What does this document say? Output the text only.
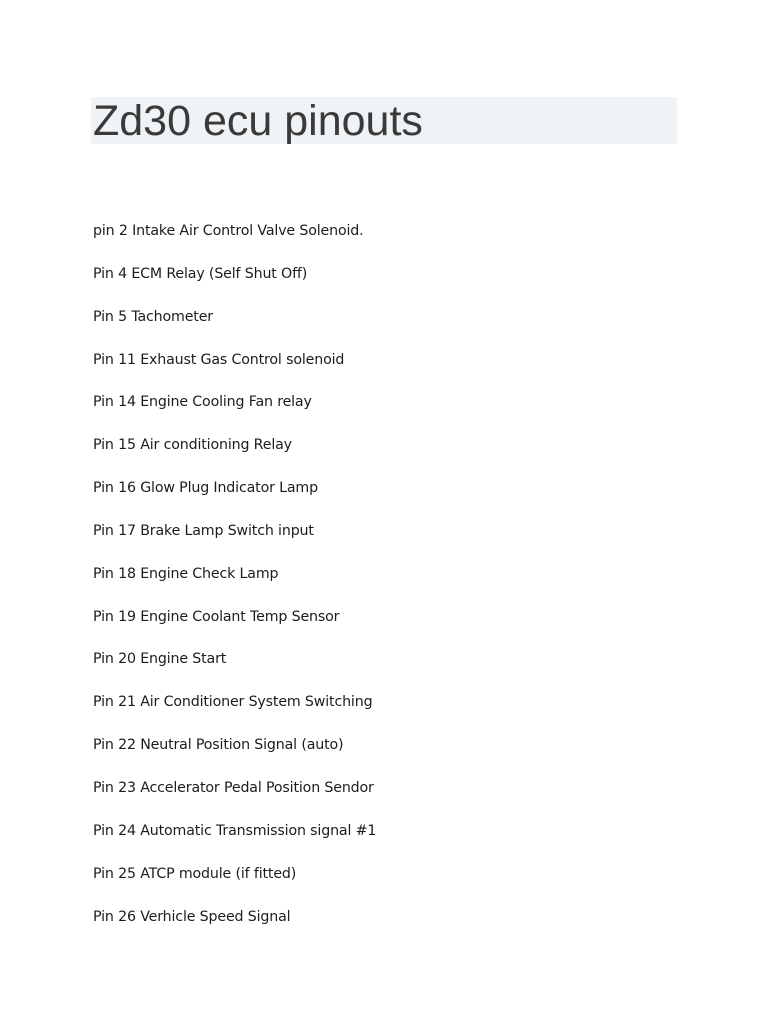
Zd30 ecu pinouts
pin 2 Intake Air Control Valve Solenoid.
Pin 4 ECM Relay (Self Shut Off)
Pin 5 Tachometer
Pin 11 Exhaust Gas Control solenoid
Pin 14 Engine Cooling Fan relay
Pin 15 Air conditioning Relay
Pin 16 Glow Plug Indicator Lamp
Pin 17 Brake Lamp Switch input
Pin 18 Engine Check Lamp
Pin 19 Engine Coolant Temp Sensor
Pin 20 Engine Start
Pin 21 Air Conditioner System Switching
Pin 22 Neutral Position Signal (auto)
Pin 23 Accelerator Pedal Position Sendor
Pin 24 Automatic Transmission signal #1
Pin 25 ATCP module (if fitted)
Pin 26 Verhicle Speed Signal
